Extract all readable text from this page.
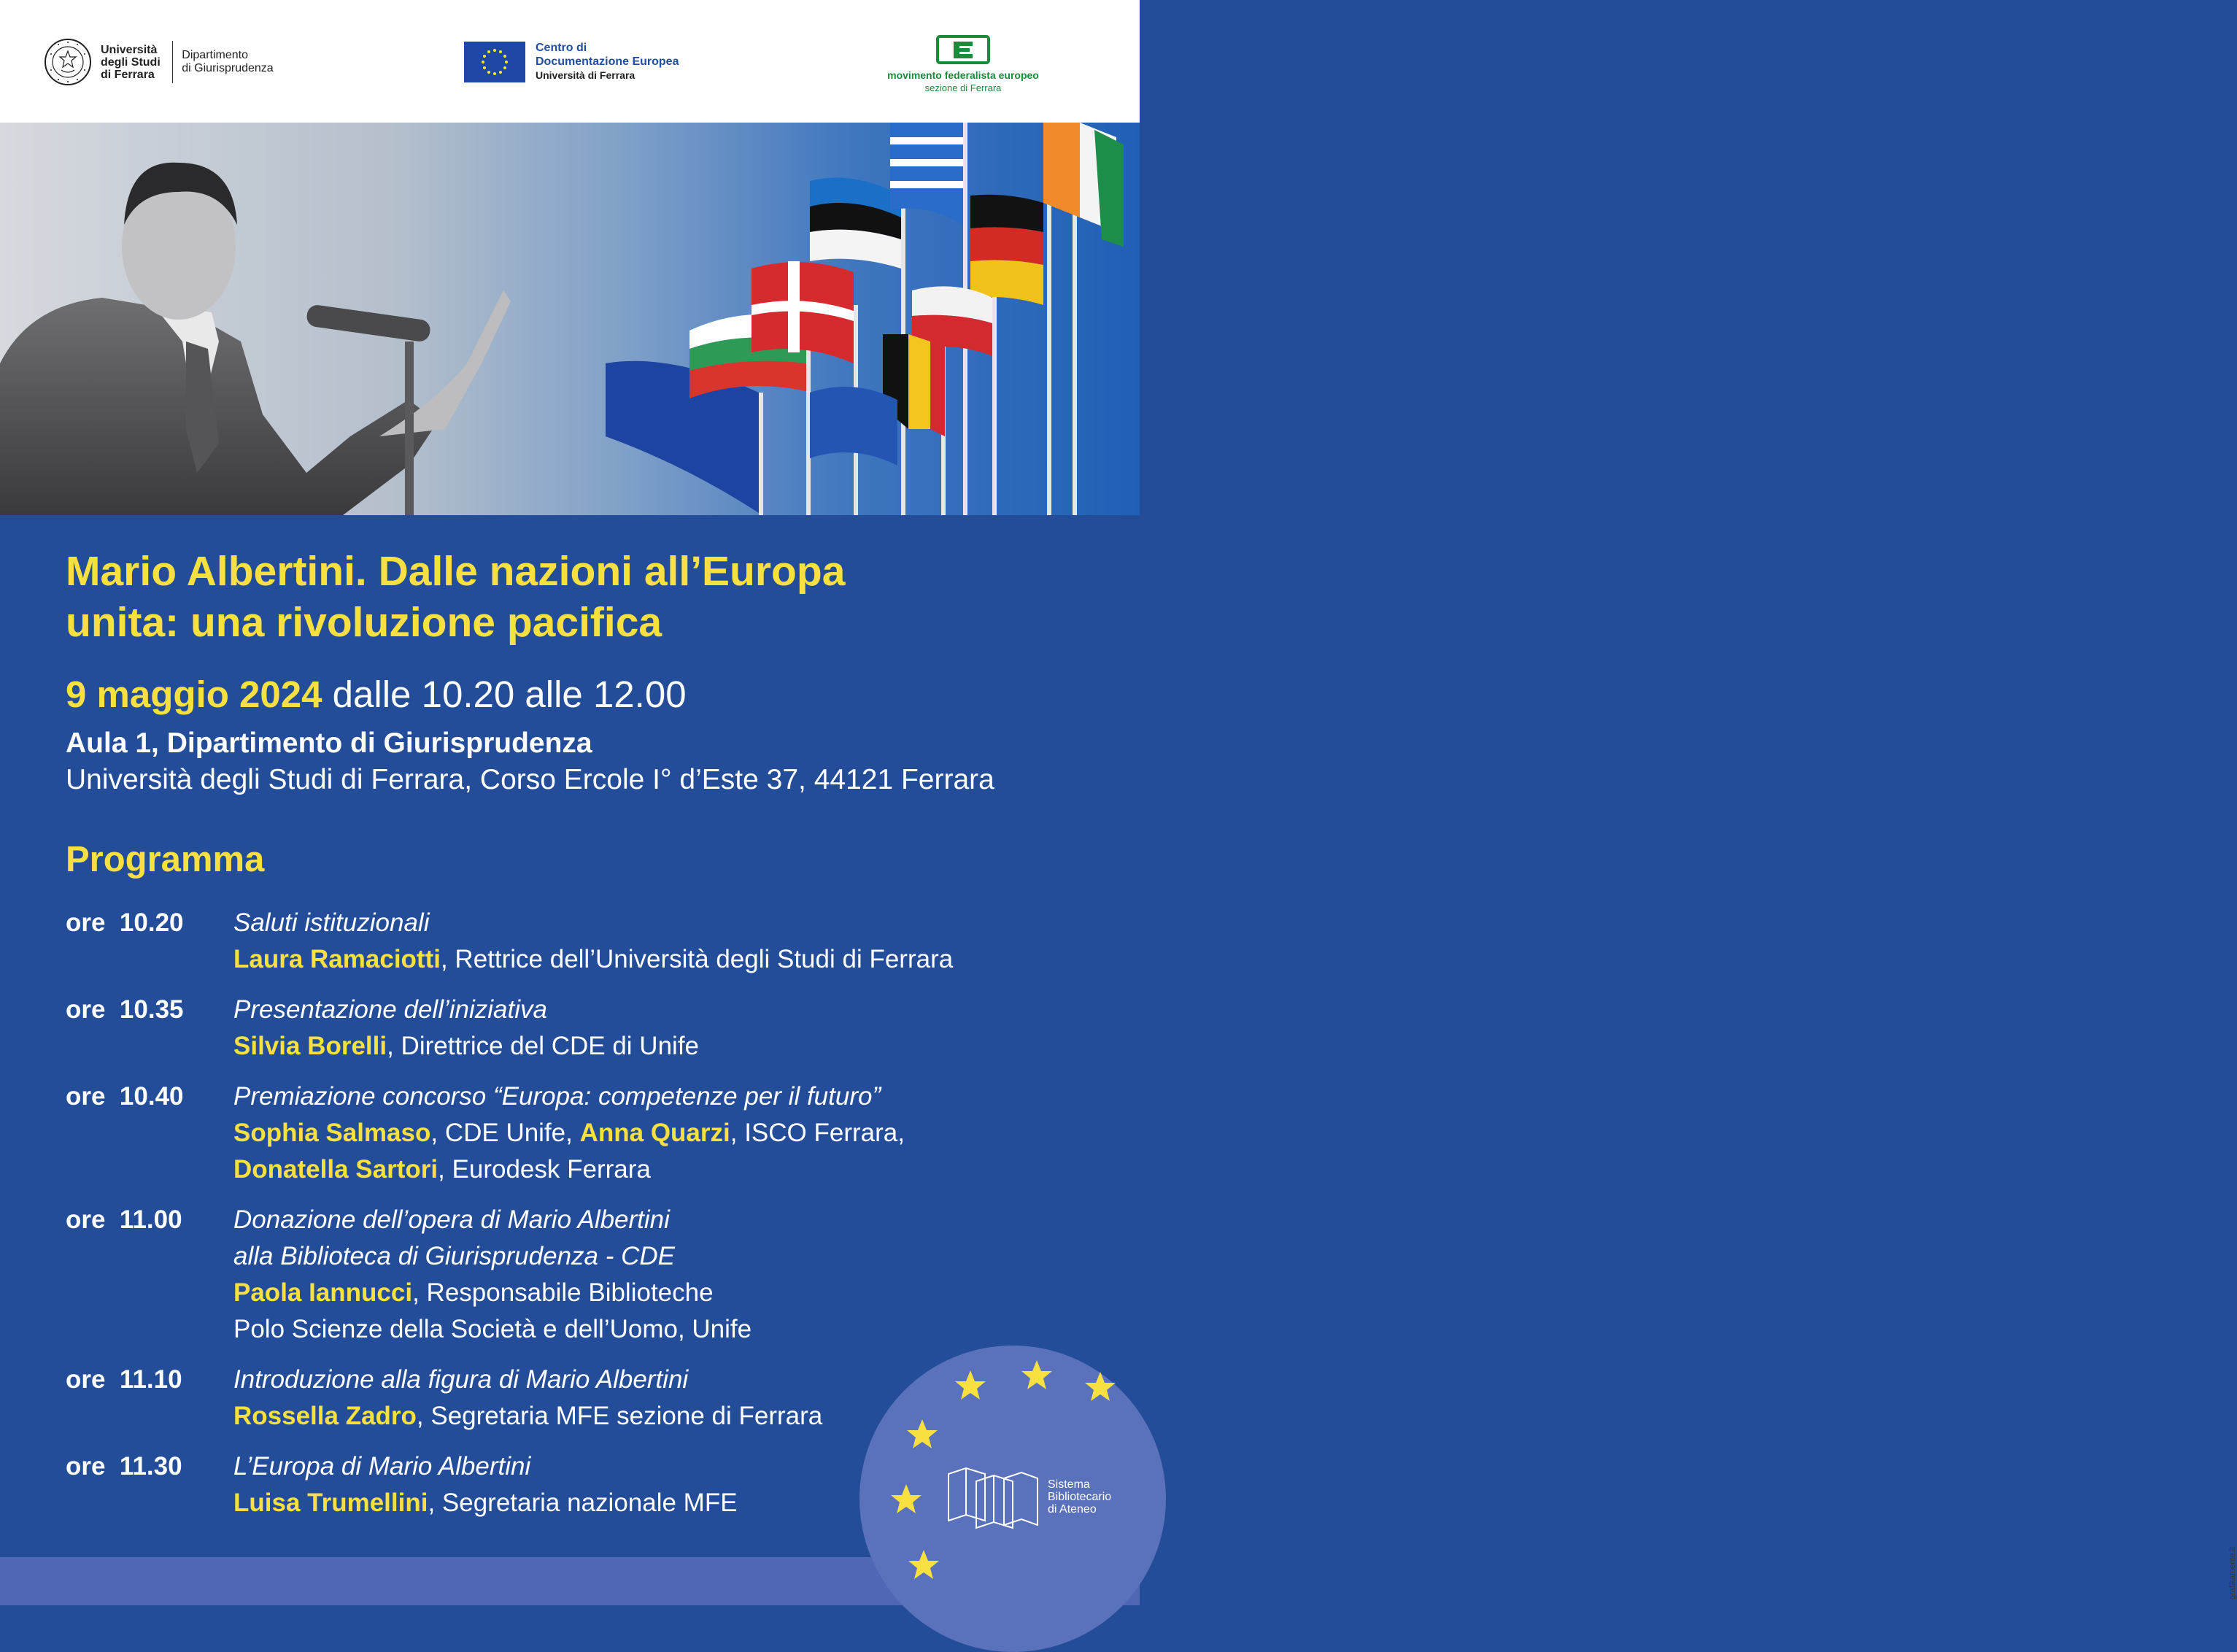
Università
degli Studi
di Ferrara
Dipartimento
di Giurisprudenza
Centro di
Documentazione Europea
Università di Ferrara	movimento federalista europeo
sezione di Ferrara
Mario Albertini. Dalle nazioni all’Europa
unita: una rivoluzione pacifica
9 maggio 2024 dalle 10.20 alle 12.00
Aula 1, Dipartimento di Giurisprudenza
Università degli Studi di Ferrara, Corso Ercole I° d’Este 37, 44121 Ferrara
Programma
ore  10.20	Saluti istituzionali
Laura Ramaciotti, Rettrice dell’Università degli Studi di Ferrara
ore  10.35	Presentazione dell’iniziativa
Silvia Borelli, Direttrice del CDE di Unife
ore  10.40	Premiazione concorso “Europa: competenze per il futuro”
Sophia Salmaso, CDE Unife, Anna Quarzi, ISCO Ferrara,
Donatella Sartori, Eurodesk Ferrara
ore  11.00	Donazione dell’opera di Mario Albertini
alla Biblioteca di Giurisprudenza - CDE
Paola Iannucci, Responsabile Biblioteche
Polo Scienze della Società e dell’Uomo, Unife
ore  11.10	Introduzione alla figura di Mario Albertini
Rossella Zadro, Segretaria MFE sezione di Ferrara
ore  11.30	L’Europa di Mario Albertini
Luisa Trumellini, Segretaria nazionale MFE
Sistema
Bibliotecario
di Ateneo
grafikamente.it
